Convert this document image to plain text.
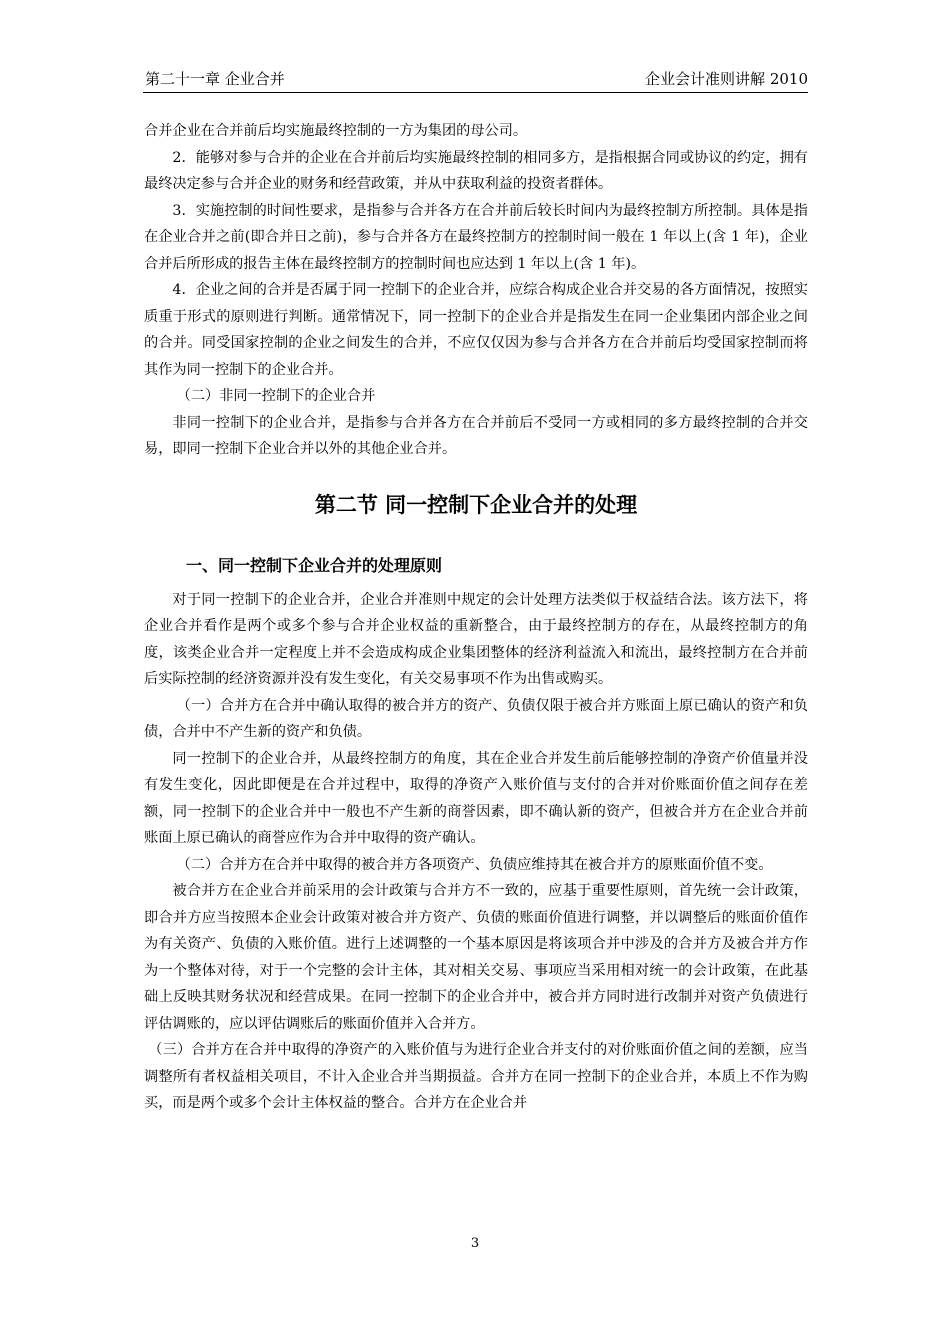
第二十一章 企业合并	企业会计准则讲解 2010

合并企业在合并前后均实施最终控制的一方为集团的母公司。

2．能够对参与合并的企业在合并前后均实施最终控制的相同多方，是指根据合同或协议的约定，拥有最终决定参与合并企业的财务和经营政策，并从中获取利益的投资者群体。

3．实施控制的时间性要求，是指参与合并各方在合并前后较长时间内为最终控制方所控制。具体是指在企业合并之前(即合并日之前)，参与合并各方在最终控制方的控制时间一般在 1 年以上(含 1 年)，企业合并后所形成的报告主体在最终控制方的控制时间也应达到 1 年以上(含 1 年)。

4．企业之间的合并是否属于同一控制下的企业合并，应综合构成企业合并交易的各方面情况，按照实质重于形式的原则进行判断。通常情况下，同一控制下的企业合并是指发生在同一企业集团内部企业之间的合并。同受国家控制的企业之间发生的合并，不应仅仅因为参与合并各方在合并前后均受国家控制而将其作为同一控制下的企业合并。

（二）非同一控制下的企业合并

非同一控制下的企业合并，是指参与合并各方在合并前后不受同一方或相同的多方最终控制的合并交易，即同一控制下企业合并以外的其他企业合并。

第二节 同一控制下企业合并的处理

一、同一控制下企业合并的处理原则

对于同一控制下的企业合并，企业合并准则中规定的会计处理方法类似于权益结合法。该方法下，将企业合并看作是两个或多个参与合并企业权益的重新整合，由于最终控制方的存在，从最终控制方的角度，该类企业合并一定程度上并不会造成构成企业集团整体的经济利益流入和流出，最终控制方在合并前后实际控制的经济资源并没有发生变化，有关交易事项不作为出售或购买。

（一）合并方在合并中确认取得的被合并方的资产、负债仅限于被合并方账面上原已确认的资产和负债，合并中不产生新的资产和负债。

同一控制下的企业合并，从最终控制方的角度，其在企业合并发生前后能够控制的净资产价值量并没有发生变化，因此即便是在合并过程中，取得的净资产入账价值与支付的合并对价账面价值之间存在差额，同一控制下的企业合并中一般也不产生新的商誉因素，即不确认新的资产，但被合并方在企业合并前账面上原已确认的商誉应作为合并中取得的资产确认。

（二）合并方在合并中取得的被合并方各项资产、负债应维持其在被合并方的原账面价值不变。

被合并方在企业合并前采用的会计政策与合并方不一致的，应基于重要性原则，首先统一会计政策，即合并方应当按照本企业会计政策对被合并方资产、负债的账面价值进行调整，并以调整后的账面价值作为有关资产、负债的入账价值。进行上述调整的一个基本原因是将该项合并中涉及的合并方及被合并方作为一个整体对待，对于一个完整的会计主体，其对相关交易、事项应当采用相对统一的会计政策，在此基础上反映其财务状况和经营成果。在同一控制下的企业合并中，被合并方同时进行改制并对资产负债进行评估调账的，应以评估调账后的账面价值并入合并方。

（三）合并方在合并中取得的净资产的入账价值与为进行企业合并支付的对价账面价值之间的差额，应当调整所有者权益相关项目，不计入企业合并当期损益。合并方在同一控制下的企业合并，本质上不作为购买，而是两个或多个会计主体权益的整合。合并方在企业合并

3
